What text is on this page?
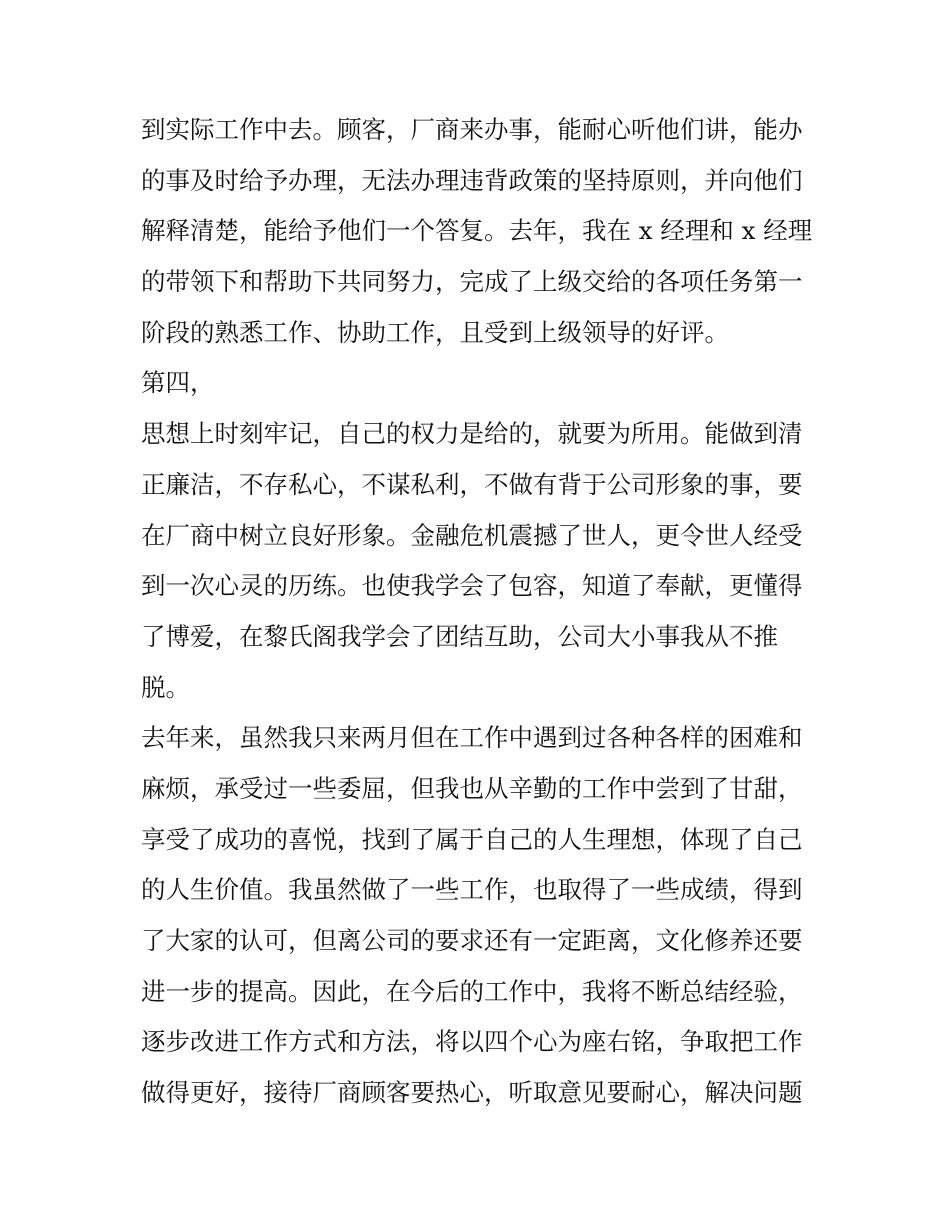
到实际工作中去。顾客，厂商来办事，能耐心听他们讲，能办
的事及时给予办理，无法办理违背政策的坚持原则，并向他们
解释清楚，能给予他们一个答复。去年，我在 x 经理和 x 经理
的带领下和帮助下共同努力，完成了上级交给的各项任务第一
阶段的熟悉工作、协助工作，且受到上级领导的好评。
第四，
思想上时刻牢记，自己的权力是给的，就要为所用。能做到清
正廉洁，不存私心，不谋私利，不做有背于公司形象的事，要
在厂商中树立良好形象。金融危机震撼了世人，更令世人经受
到一次心灵的历练。也使我学会了包容，知道了奉献，更懂得
了博爱，在黎氏阁我学会了团结互助，公司大小事我从不推
脱。
去年来，虽然我只来两月但在工作中遇到过各种各样的困难和
麻烦，承受过一些委屈，但我也从辛勤的工作中尝到了甘甜，
享受了成功的喜悦，找到了属于自己的人生理想，体现了自己
的人生价值。我虽然做了一些工作，也取得了一些成绩，得到
了大家的认可，但离公司的要求还有一定距离，文化修养还要
进一步的提高。因此，在今后的工作中，我将不断总结经验，
逐步改进工作方式和方法，将以四个心为座右铭，争取把工作
做得更好，接待厂商顾客要热心，听取意见要耐心，解决问题
